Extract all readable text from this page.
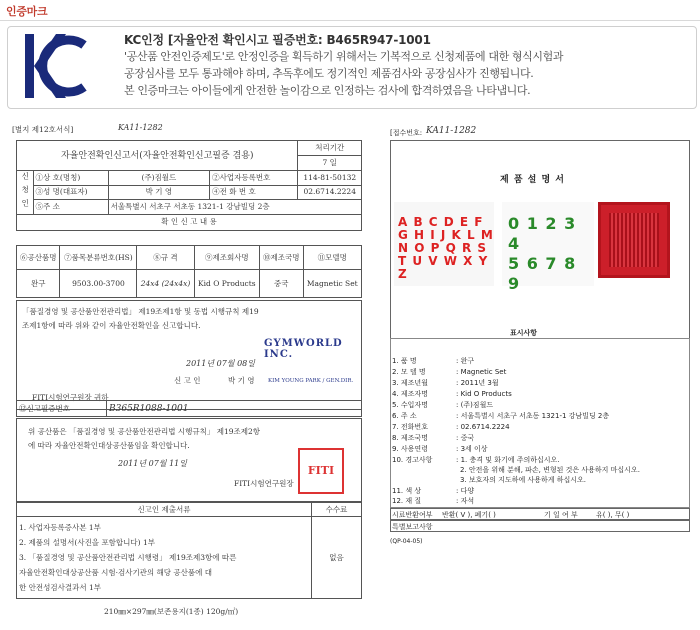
인증마크
KC인정 [자율안전 확인시고 필증번호: B465R947-1001
'공산품 안전인증제도'로 안정인증을 획득하기 위해서는 기복적으로 신청제품에 대한 형식시험과
공장심사를 모두 통과해야 하며, 추독후에도 정기적인 제품검사와 공장심사가 진행됩니다.
본 인증마크는 아이들에게 안전한 놀이감으로 인정하는 검사에 합격하였음을 나타냅니다.
[별지 제12호서식]	KA11-1282
자율안전확인신고서(자율안전확인신고필증 겸용)				처리기간
7 일

신청인	①상 호(명칭)	(주)짐월드	②사업자등록번호	114-81-50132
	③성 명(대표자)	박 기 영	④전 화 번 호	02.6714.2224
	⑤주 소	서울특별시 서초구 서초동 1321-1 강남빌딩 2층		
확 인 신 고 내 용				
⑥공산품명	⑦품목분류번호(HS)	⑧규 격	⑨제조회사명	⑩제조국명	⑪모델명
완구	9503.00-3700	24x4 (24x4x)	Kid O Products	중국	Magnetic Set
「품질경영 및 공산품안전관리법」 제19조제1항 및 동법 시행규칙 제19
조제1항에 따라 위와 같이 자율안전확인을 신고합니다.
2011년 07월 08일
신 고 인	박 기 영
GYMWORLD INC.
KIM YOUNG PARK / GEN.DIR.
FITI시험연구원장 귀하
⑫신고필증번호	B365R1088-1001
위 공산품은 「품질경영 및 공산품안전관리법 시행규칙」 제19조제2항
에 따라 자율안전확인대상공산품임을 확인합니다.
2011년 07월 11일
FITI시험연구원장
FITI
신고인 제출서류	수수료

1. 사업자등록증사본 1부
2. 제품의 설명서(사진을 포함합니다) 1부
3. 「품질경영 및 공산품안전관리법 시행령」 제19조제3항에 따른
자율안전확인대상공산품 시험·검사기관의 해당 공산품에 대
한 안전성검사결과서 1부	없음
210㎜×297㎜(보존용지(1종) 120g/㎡)
[접수번호: KA11-1282
제 품 설 명 서
A B C D E F
G H I J K L M
N O P Q R S
T U V W X Y Z
0 1 2 3 4
5 6 7 8 9
표시사항
1. 품 명	: 완구
2. 모 델 명	: Magnetic Set
3. 제조년월	: 2011년 3월
4. 제조자명	: Kid O Products
5. 수입자명	: (주)짐월드
6. 주 소	: 서울특별시 서초구 서초동 1321-1 강남빌딩 2층
7. 전화번호	: 02.6714.2224
8. 제조국명	: 중국
9. 사용연령	: 3세 이상
10. 경고사항	: 1. 충격 및 화기에 주의하십시오.
2. 안전을 위해 분해, 파손, 변형된 것은 사용하지 마십시오.
3. 보호자의 지도하에 사용하게 하십시오.
11. 색 상	: 다양
12. 재 질	: 자석
시료반환여부 반환( V ), 폐기( )	기 일 여 부	유( ), 무( )
특별보고사항
(QP-04-05)
